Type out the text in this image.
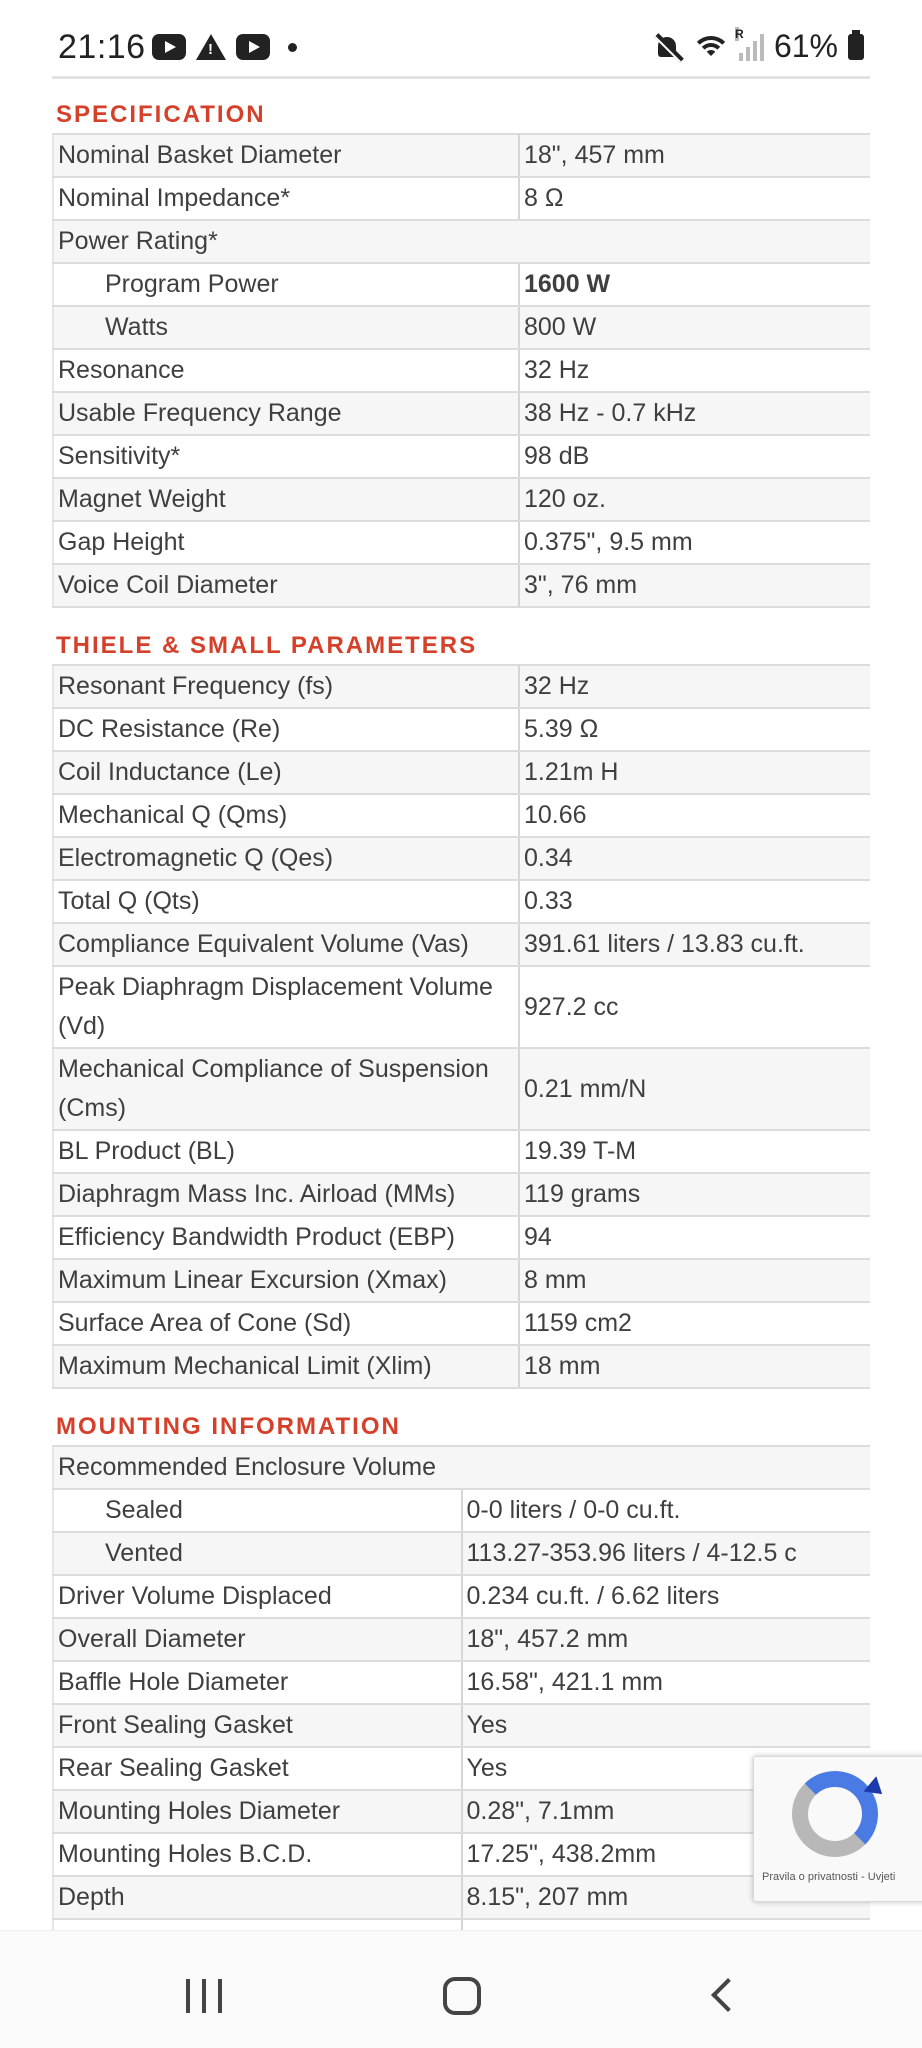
21:16
!	R 61%
SPECIFICATION
Nominal Basket Diameter	18", 457 mm
Nominal Impedance*	8 Ω
Power Rating*	
Program Power	1600 W
Watts	800 W
Resonance	32 Hz
Usable Frequency Range	38 Hz - 0.7 kHz
Sensitivity*	98 dB
Magnet Weight	120 oz.
Gap Height	0.375", 9.5 mm
Voice Coil Diameter	3", 76 mm
THIELE & SMALL PARAMETERS
Resonant Frequency (fs)	32 Hz
DC Resistance (Re)	5.39 Ω
Coil Inductance (Le)	1.21m H
Mechanical Q (Qms)	10.66
Electromagnetic Q (Qes)	0.34
Total Q (Qts)	0.33
Compliance Equivalent Volume (Vas)	391.61 liters / 13.83 cu.ft.
Peak Diaphragm Displacement Volume (Vd)	927.2 cc
Mechanical Compliance of Suspension (Cms)	0.21 mm/N
BL Product (BL)	19.39 T-M
Diaphragm Mass Inc. Airload (MMs)	119 grams
Efficiency Bandwidth Product (EBP)	94
Maximum Linear Excursion (Xmax)	8 mm
Surface Area of Cone (Sd)	1159 cm2
Maximum Mechanical Limit (Xlim)	18 mm
MOUNTING INFORMATION
Recommended Enclosure Volume	
Sealed	0-0 liters / 0-0 cu.ft.
Vented	113.27-353.96 liters / 4-12.5 c
Driver Volume Displaced	0.234 cu.ft. / 6.62 liters
Overall Diameter	18", 457.2 mm
Baffle Hole Diameter	16.58", 421.1 mm
Front Sealing Gasket	Yes
Rear Sealing Gasket	Yes
Mounting Holes Diameter	0.28", 7.1mm
Mounting Holes B.C.D.	17.25", 438.2mm
Depth	8.15", 207 mm

Pravila o privatnosti - Uvjeti
